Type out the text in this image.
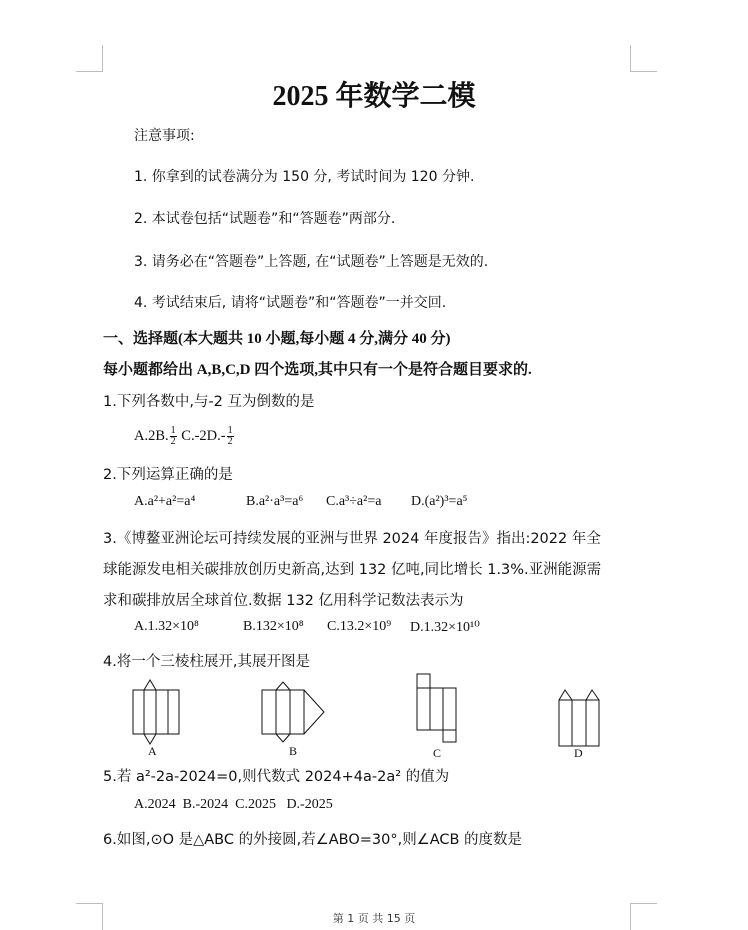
2025 年数学二模
注意事项:
1. 你拿到的试卷满分为 150 分, 考试时间为 120 分钟.
2. 本试卷包括“试题卷”和“答题卷”两部分.
3. 请务必在“答题卷”上答题, 在“试题卷”上答题是无效的.
4. 考试结束后, 请将“试题卷”和“答题卷”一并交回.
一、选择题(本大题共 10 小题,每小题 4 分,满分 40 分)
每小题都给出 A,B,C,D 四个选项,其中只有一个是符合题目要求的.
1.下列各数中,与-2 互为倒数的是
A.2B. $\frac{1}{2} C.-2D.- \frac{1}{2}$
2.下列运算正确的是
A.a²+a²=a⁴	B.a²·a³=a⁶ C.a³÷a²=a D.(a²)³=a⁵
3.《博鳌亚洲论坛可持续发展的亚洲与世界 2024 年度报告》指出:2022 年全
球能源发电相关碳排放创历史新高,达到 132 亿吨,同比增长 1.3%.亚洲能源需
求和碳排放居全球首位.数据 132 亿用科学记数法表示为
A.1.32×10⁸	B.132×10⁸ C.13.2×10⁹ D.1.32×10¹⁰
4.将一个三棱柱展开,其展开图是
A	B	C	D
5.若 a²-2a-2024=0,则代数式 2024+4a-2a² 的值为
A.2024  B.-2024  C.2025   D.-2025
6.如图,⊙O 是△ABC 的外接圆,若∠ABO=30°,则∠ACB 的度数是
第 1 页 共 15 页
